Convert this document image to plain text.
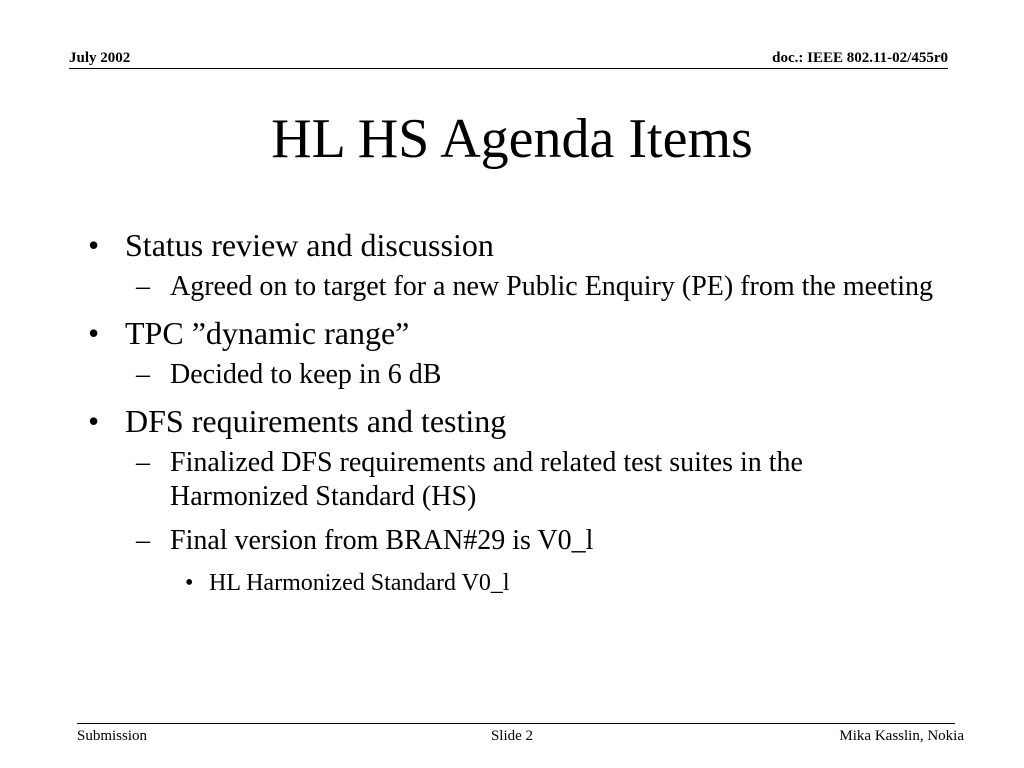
July 2002	doc.: IEEE 802.11-02/455r0
HL HS Agenda Items
• Status review and discussion
– Agreed on to target for a new Public Enquiry (PE) from the meeting
• TPC ”dynamic range”
– Decided to keep in 6 dB
• DFS requirements and testing
– Finalized DFS requirements and related test suites in the Harmonized Standard (HS)
– Final version from BRAN#29 is V0_l
• HL Harmonized Standard V0_l
Submission	Slide 2	Mika Kasslin, Nokia
